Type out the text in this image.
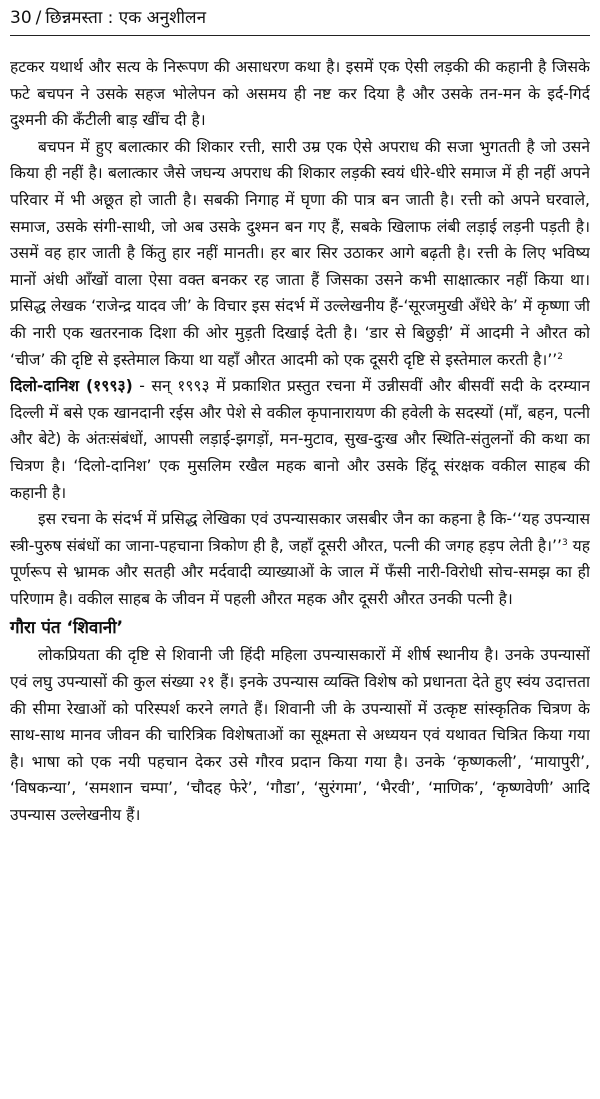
30 / छिन्नमस्ता : एक अनुशीलन

हटकर यथार्थ और सत्य के निरूपण की असाधरण कथा है। इसमें एक ऐसी लड़की की कहानी है जिसके फटे बचपन ने उसके सहज भोलेपन को असमय ही नष्ट कर दिया है और उसके तन-मन के इर्द-गिर्द दुश्मनी की कँटीली बाड़ खींच दी है।

बचपन में हुए बलात्कार की शिकार रत्ती, सारी उम्र एक ऐसे अपराध की सजा भुगतती है जो उसने किया ही नहीं है। बलात्कार जैसे जघन्य अपराध की शिकार लड़की स्वयं धीरे-धीरे समाज में ही नहीं अपने परिवार में भी अछूत हो जाती है। सबकी निगाह में घृणा की पात्र बन जाती है। रत्ती को अपने घरवाले, समाज, उसके संगी-साथी, जो अब उसके दुश्मन बन गए हैं, सबके खिलाफ लंबी लड़ाई लड़नी पड़ती है। उसमें वह हार जाती है किंतु हार नहीं मानती। हर बार सिर उठाकर आगे बढ़ती है। रत्ती के लिए भविष्य मानों अंधी आँखों वाला ऐसा वक्त बनकर रह जाता हैं जिसका उसने कभी साक्षात्कार नहीं किया था। प्रसिद्ध लेखक ‘राजेन्द्र यादव जी’ के विचार इस संदर्भ में उल्लेखनीय हैं-‘सूरजमुखी अँधेरे के’ में कृष्णा जी की नारी एक खतरनाक दिशा की ओर मुड़ती दिखाई देती है। ‘डार से बिछुड़ी’ में आदमी ने औरत को ‘चीज’ की दृष्टि से इस्तेमाल किया था यहाँ औरत आदमी को एक दूसरी दृष्टि से इस्तेमाल करती है।’’$^2$

दिलो-दानिश (१९९३) - सन् १९९३ में प्रकाशित प्रस्तुत रचना में उन्नीसवीं और बीसवीं सदी के दरम्यान दिल्ली में बसे एक खानदानी रईस और पेशे से वकील कृपानारायण की हवेली के सदस्यों (माँ, बहन, पत्नी और बेटे) के अंतःसंबंधों, आपसी लड़ाई-झगड़ों, मन-मुटाव, सुख-दुःख और स्थिति-संतुलनों की कथा का चित्रण है। ‘दिलो-दानिश’ एक मुसलिम रखैल महक बानो और उसके हिंदू संरक्षक वकील साहब की कहानी है।

इस रचना के संदर्भ में प्रसिद्ध लेखिका एवं उपन्यासकार जसबीर जैन का कहना है कि-‘‘यह उपन्यास स्त्री-पुरुष संबंधों का जाना-पहचाना त्रिकोण ही है, जहाँ दूसरी औरत, पत्नी की जगह हड़प लेती है।’’$^3$ यह पूर्णरूप से भ्रामक और सतही और मर्दवादी व्याख्याओं के जाल में फँसी नारी-विरोधी सोच-समझ का ही परिणाम है। वकील साहब के जीवन में पहली औरत महक और दूसरी औरत उनकी पत्नी है।

गौरा पंत ‘शिवानी’

लोकप्रियता की दृष्टि से शिवानी जी हिंदी महिला उपन्यासकारों में शीर्ष स्थानीय है। उनके उपन्यासों एवं लघु उपन्यासों की कुल संख्या २१ हैं। इनके उपन्यास व्यक्ति विशेष को प्रधानता देते हुए स्वंय उदात्तता की सीमा रेखाओं को परिस्पर्श करने लगते हैं। शिवानी जी के उपन्यासों में उत्कृष्ट सांस्कृतिक चित्रण के साथ-साथ मानव जीवन की चारित्रिक विशेषताओं का सूक्ष्मता से अध्ययन एवं यथावत चित्रित किया गया है। भाषा को एक नयी पहचान देकर उसे गौरव प्रदान किया गया है। उनके ‘कृष्णकली’, ‘मायापुरी’, ‘विषकन्या’, ‘समशान चम्पा’, ‘चौदह फेरे’, ‘गौडा’, ‘सुरंगमा’, ‘भैरवी’, ‘माणिक’, ‘कृष्णवेणी’ आदि उपन्यास उल्लेखनीय हैं।
